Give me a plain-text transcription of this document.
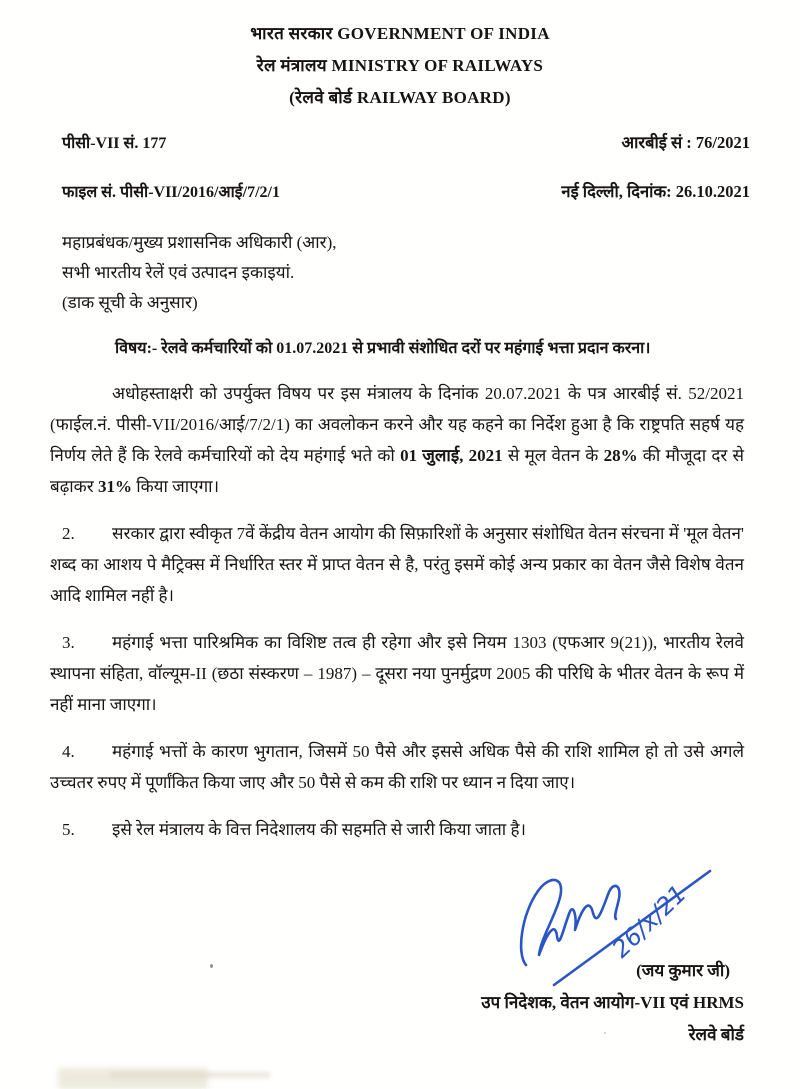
भारत सरकार GOVERNMENT OF INDIA
रेल मंत्रालय MINISTRY OF RAILWAYS
(रेलवे बोर्ड RAILWAY BOARD)
पीसी-VII सं. 177	आरबीई सं : 76/2021
फाइल सं. पीसी-VII/2016/आई/7/2/1	नई दिल्ली, दिनांक: 26.10.2021
महाप्रबंधक/मुख्य प्रशासनिक अधिकारी (आर),
सभी भारतीय रेलें एवं उत्पादन इकाइयां.
(डाक सूची के अनुसार)
विषय:- रेलवे कर्मचारियों को 01.07.2021 से प्रभावी संशोधित दरों पर महंगाई भत्ता प्रदान करना।
अधोहस्ताक्षरी को उपर्युक्त विषय पर इस मंत्रालय के दिनांक 20.07.2021 के पत्र आरबीई सं. 52/2021 (फाईल.नं. पीसी-VII/2016/आई/7/2/1) का अवलोकन करने और यह कहने का निर्देश हुआ है कि राष्ट्रपति सहर्ष यह निर्णय लेते हैं कि रेलवे कर्मचारियों को देय महंगाई भते को 01 जुलाई, 2021 से मूल वेतन के 28% की मौजूदा दर से बढ़ाकर 31% किया जाएगा।
2. सरकार द्वारा स्वीकृत 7वें केंद्रीय वेतन आयोग की सिफ़ारिशों के अनुसार संशोधित वेतन संरचना में 'मूल वेतन' शब्द का आशय पे मैट्रिक्स में निर्धारित स्तर में प्राप्त वेतन से है, परंतु इसमें कोई अन्य प्रकार का वेतन जैसे विशेष वेतन आदि शामिल नहीं है।
3. महंगाई भत्ता पारिश्रमिक का विशिष्ट तत्व ही रहेगा और इसे नियम 1303 (एफआर 9(21)), भारतीय रेलवे स्थापना संहिता, वॉल्यूम-II (छठा संस्करण – 1987) – दूसरा नया पुनर्मुद्रण 2005 की परिधि के भीतर वेतन के रूप में नहीं माना जाएगा।
4. महंगाई भत्तों के कारण भुगतान, जिसमें 50 पैसे और इससे अधिक पैसे की राशि शामिल हो तो उसे अगले उच्चतर रुपए में पूर्णांकित किया जाए और 50 पैसे से कम की राशि पर ध्यान न दिया जाए।
5. इसे रेल मंत्रालय के वित्त निदेशालय की सहमति से जारी किया जाता है।
26/x/21
(जय कुमार जी)
उप निदेशक, वेतन आयोग-VII एवं HRMS
रेलवे बोर्ड
